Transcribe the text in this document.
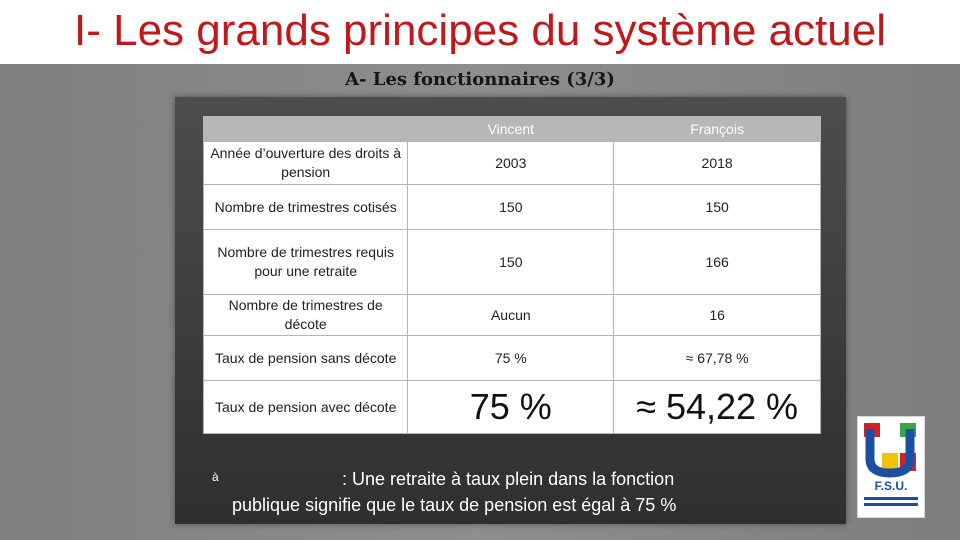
I- Les grands principes du système actuel
A- Les fonctionnaires (3/3)
	Vincent	François
Année d’ouverture des droits à pension	2003	2018
Nombre de trimestres cotisés	150	150
Nombre de trimestres requis pour une retraite	150	166
Nombre de trimestres de décote	Aucun	16
Taux de pension sans décote	75 %	≈ 67,78 %
Taux de pension avec décote	75 %	≈ 54,22 %
à	: Une retraite à taux plein dans la fonction
publique signifie que le taux de pension est égal à 75 %
F.S.U.
